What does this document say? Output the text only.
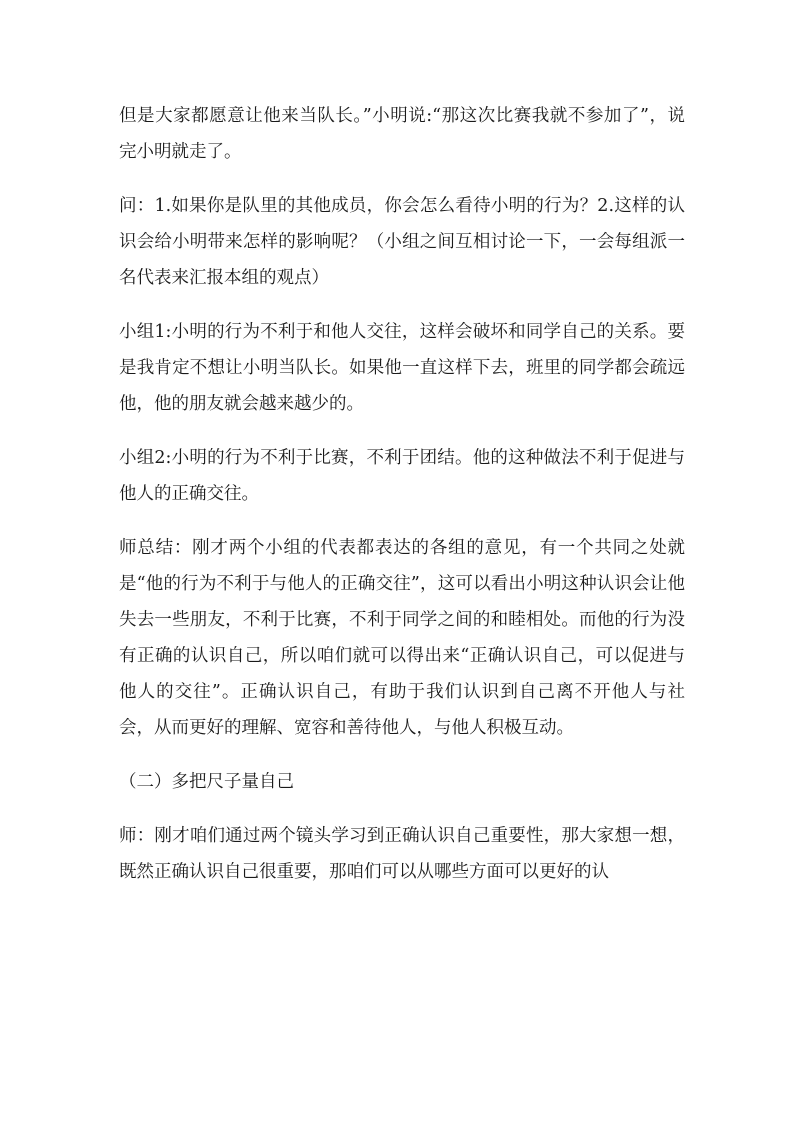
但是大家都愿意让他来当队长。”小明说:“那这次比赛我就不参加了”，说完小明就走了。

问：1.如果你是队里的其他成员，你会怎么看待小明的行为？2.这样的认识会给小明带来怎样的影响呢？（小组之间互相讨论一下，一会每组派一名代表来汇报本组的观点）

小组1:小明的行为不利于和他人交往，这样会破坏和同学自己的关系。要是我肯定不想让小明当队长。如果他一直这样下去，班里的同学都会疏远他，他的朋友就会越来越少的。

小组2:小明的行为不利于比赛，不利于团结。他的这种做法不利于促进与他人的正确交往。

师总结：刚才两个小组的代表都表达的各组的意见，有一个共同之处就是“他的行为不利于与他人的正确交往”，这可以看出小明这种认识会让他失去一些朋友，不利于比赛，不利于同学之间的和睦相处。而他的行为没有正确的认识自己，所以咱们就可以得出来“正确认识自己，可以促进与他人的交往”。正确认识自己，有助于我们认识到自己离不开他人与社会，从而更好的理解、宽容和善待他人，与他人积极互动。

（二）多把尺子量自己

师：刚才咱们通过两个镜头学习到正确认识自己重要性，那大家想一想，既然正确认识自己很重要，那咱们可以从哪些方面可以更好的认
